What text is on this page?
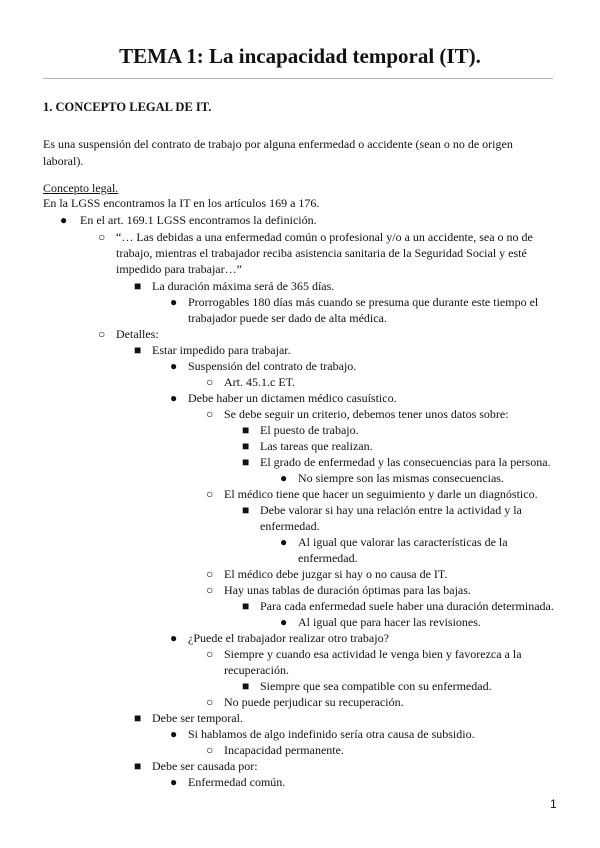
TEMA 1: La incapacidad temporal (IT).
1. CONCEPTO LEGAL DE IT.

Es una suspensión del contrato de trabajo por alguna enfermedad o accidente (sean o no de origen laboral).

Concepto legal.

En la LGSS encontramos la IT en los artículos 169 a 176.

● En el art. 169.1 LGSS encontramos la definición.

○ “… Las debidas a una enfermedad común o profesional y/o a un accidente, sea o no de trabajo, mientras el trabajador reciba asistencia sanitaria de la Seguridad Social y esté impedido para trabajar…”

■ La duración máxima será de 365 días.

● Prorrogables 180 días más cuando se presuma que durante este tiempo el trabajador puede ser dado de alta médica.

○ Detalles:

■ Estar impedido para trabajar.

● Suspensión del contrato de trabajo.

○ Art. 45.1.c ET.

● Debe haber un dictamen médico casuístico.

○ Se debe seguir un criterio, debemos tener unos datos sobre:

■ El puesto de trabajo.

■ Las tareas que realizan.

■ El grado de enfermedad y las consecuencias para la persona.

● No siempre son las mismas consecuencias.

○ El médico tiene que hacer un seguimiento y darle un diagnóstico.

■ Debe valorar si hay una relación entre la actividad y la enfermedad.

● Al igual que valorar las características de la enfermedad.

○ El médico debe juzgar si hay o no causa de IT.

○ Hay unas tablas de duración óptimas para las bajas.

■ Para cada enfermedad suele haber una duración determinada.

● Al igual que para hacer las revisiones.

● ¿Puede el trabajador realizar otro trabajo?

○ Siempre y cuando esa actividad le venga bien y favorezca a la recuperación.

■ Siempre que sea compatible con su enfermedad.

○ No puede perjudicar su recuperación.

■ Debe ser temporal.

● Si hablamos de algo indefinido sería otra causa de subsidio.

○ Incapacidad permanente.

■ Debe ser causada por:

● Enfermedad común.

1
